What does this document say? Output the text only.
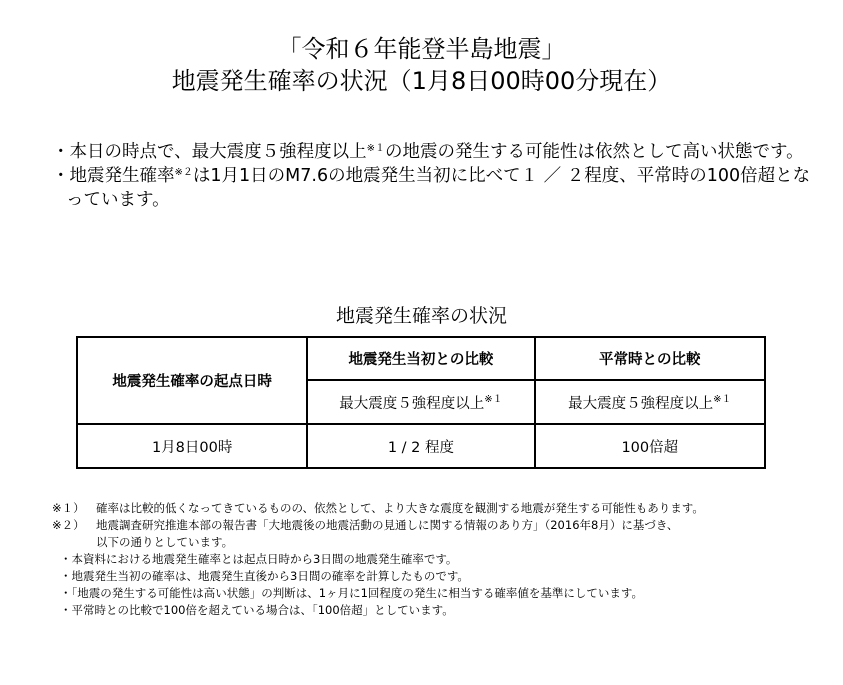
「令和６年能登半島地震」
地震発生確率の状況（1月8日00時00分現在）

・本日の時点で、最大震度５強程度以上$^{※1}$の地震の発生する可能性は依然として高い状態です。

・地震発生確率$^{※2}$は1月1日のM7.6の地震発生当初に比べて１ ／ ２程度、平常時の100倍超となっています。

地震発生確率の状況
地震発生確率の起点日時	地震発生当初との比較	平常時との比較
	最大震度５強程度以上$^{※1}$	最大震度５強程度以上$^{※1}$
1月8日00時	1 / 2 程度	100倍超
※１） 確率は比較的低くなってきているものの、依然として、より大きな震度を観測する地震が発生する可能性もあります。
※２） 地震調査研究推進本部の報告書「大地震後の地震活動の見通しに関する情報のあり方」（2016年8月）に基づき、
以下の通りとしています。
・本資料における地震発生確率とは起点日時から3日間の地震発生確率です。
・地震発生当初の確率は、地震発生直後から3日間の確率を計算したものです。
・「地震の発生する可能性は高い状態」の判断は、1ヶ月に1回程度の発生に相当する確率値を基準にしています。
・平常時との比較で100倍を超えている場合は、「100倍超」としています。
